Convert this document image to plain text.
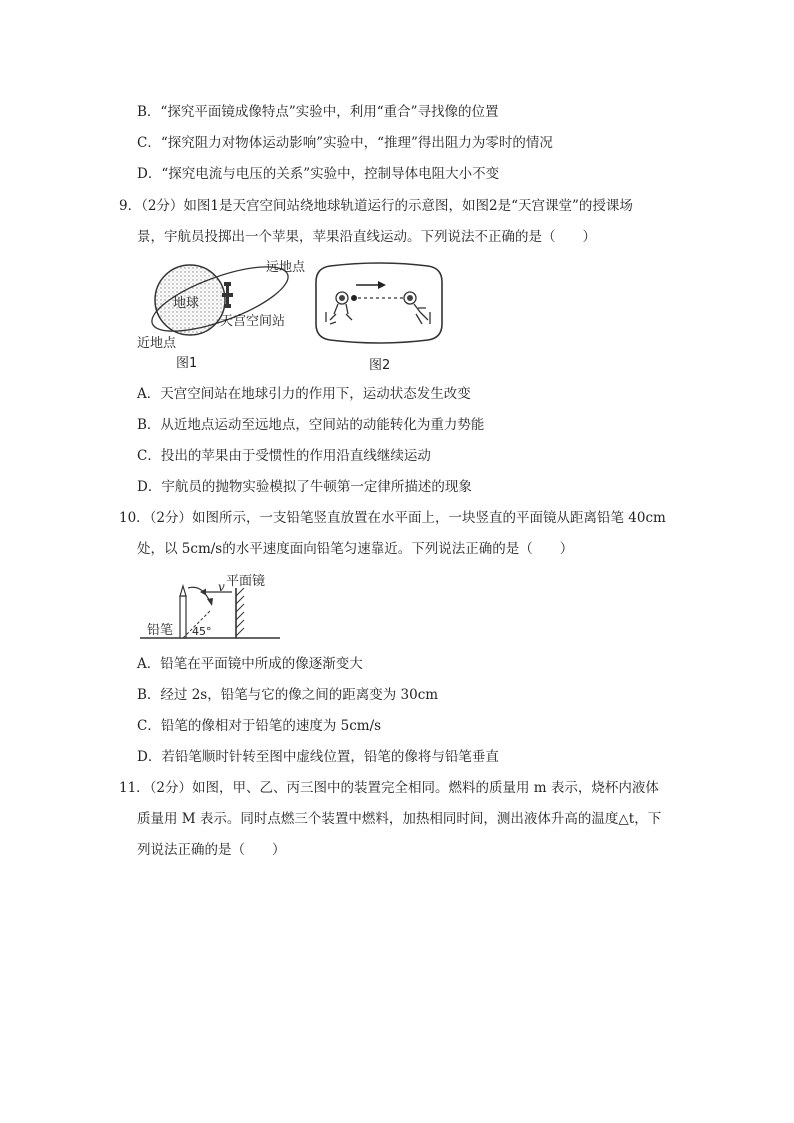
B．“探究平面镜成像特点”实验中，利用“重合”寻找像的位置
C．“探究阻力对物体运动影响”实验中，“推理”得出阻力为零时的情况
D．“探究电流与电压的关系”实验中，控制导体电阻大小不变
9．（2分）如图1是天宫空间站绕地球轨道运行的示意图，如图2是“天宫课堂”的授课场
景，宇航员投掷出一个苹果，苹果沿直线运动。下列说法不正确的是（　　）
地球
远地点
天宫空间站
近地点
图1	图2
A．天宫空间站在地球引力的作用下，运动状态发生改变
B．从近地点运动至远地点，空间站的动能转化为重力势能
C．投出的苹果由于受惯性的作用沿直线继续运动
D．宇航员的抛物实验模拟了牛顿第一定律所描述的现象
10．（2分）如图所示，一支铅笔竖直放置在水平面上，一块竖直的平面镜从距离铅笔 40cm
处，以 5cm/s的水平速度面向铅笔匀速靠近。下列说法正确的是（　　）
平面镜
v
铅笔 45°
A．铅笔在平面镜中所成的像逐渐变大
B．经过 2s，铅笔与它的像之间的距离变为 30cm
C．铅笔的像相对于铅笔的速度为 5cm/s
D．若铅笔顺时针转至图中虚线位置，铅笔的像将与铅笔垂直
11．（2分）如图，甲、乙、丙三图中的装置完全相同。燃料的质量用 m 表示，烧杯内液体
质量用 M 表示。同时点燃三个装置中燃料，加热相同时间，测出液体升高的温度△t，下
列说法正确的是（　　）
